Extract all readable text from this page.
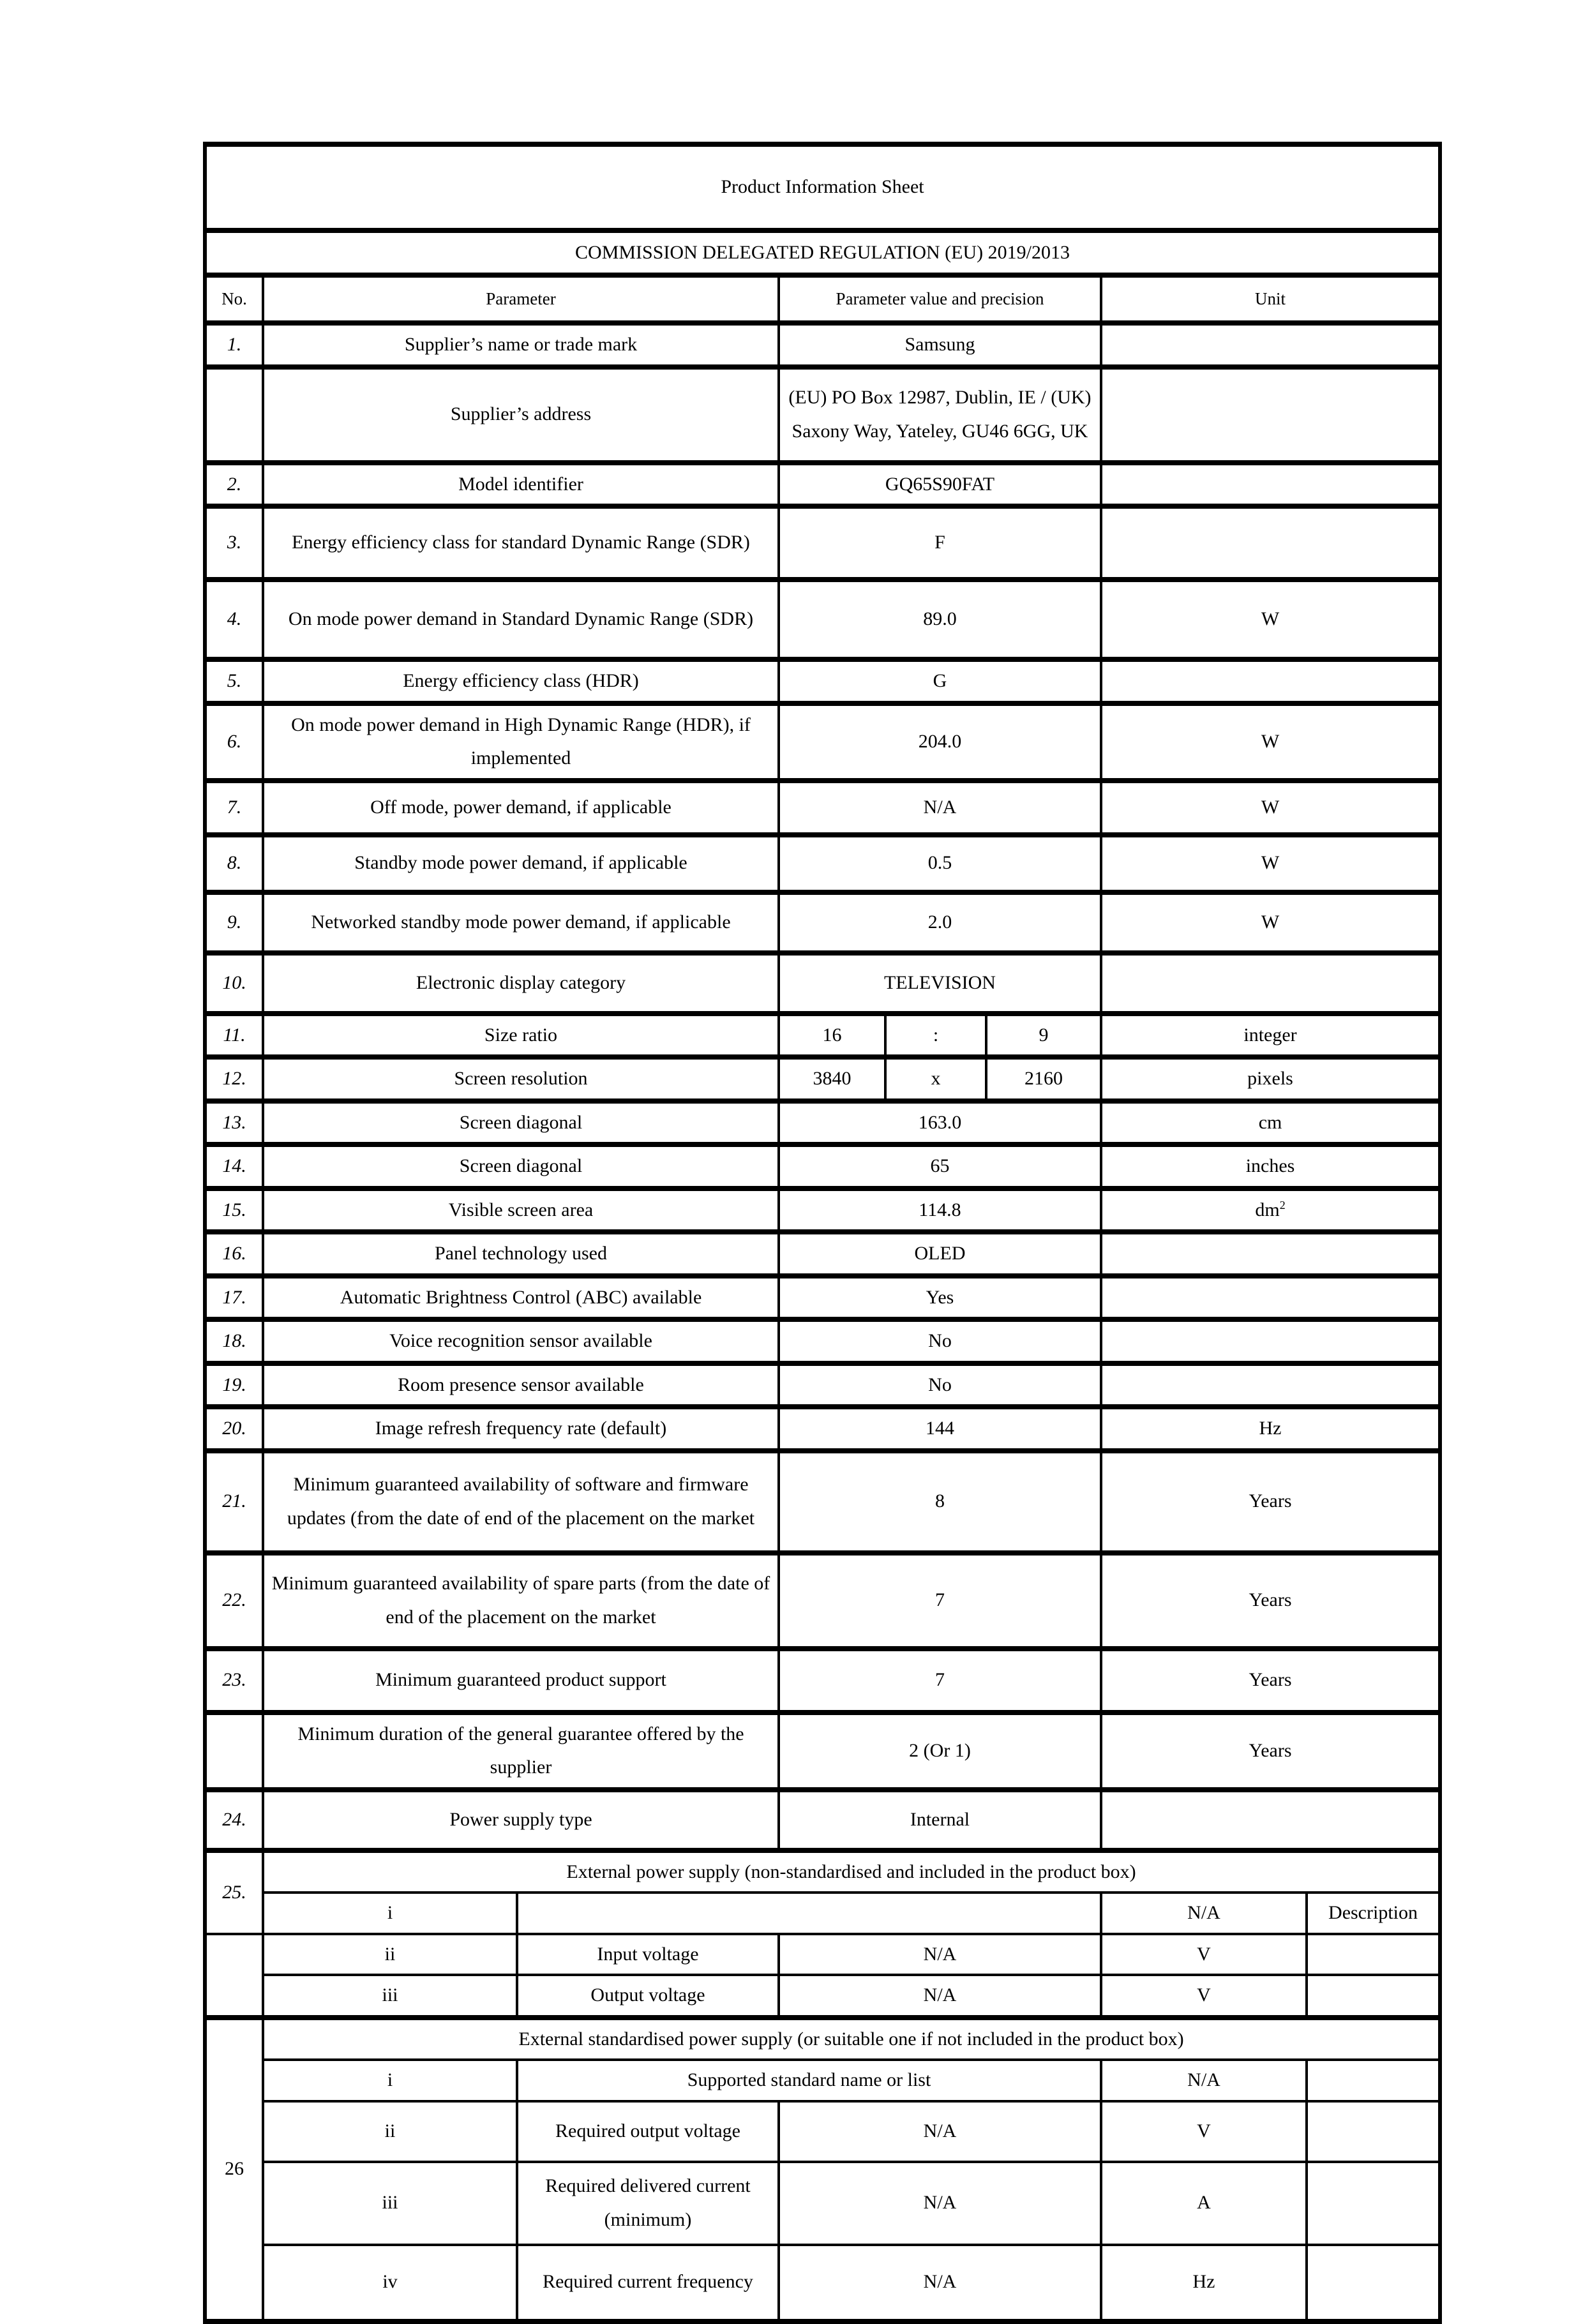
Product Information Sheet							
COMMISSION DELEGATED REGULATION (EU) 2019/2013							
No.	Parameter		Parameter value and precision			Unit	
1.	Supplier’s name or trade mark		Samsung				
	Supplier’s address		(EU) PO Box 12987, Dublin, IE / (UK) Saxony Way, Yateley, GU46 6GG, UK				
2.	Model identifier		GQ65S90FAT				
3.	Energy efficiency class for standard Dynamic Range (SDR)		F				
4.	On mode power demand in Standard Dynamic Range (SDR)		89.0			W	
5.	Energy efficiency class (HDR)		G				
6.	On mode power demand in High Dynamic Range (HDR), if implemented		204.0			W	
7.	Off mode, power demand, if applicable		N/A			W	
8.	Standby mode power demand, if applicable		0.5			W	
9.	Networked standby mode power demand, if applicable		2.0			W	
10.	Electronic display category		TELEVISION				
11.	Size ratio		16	:	9	integer	
12.	Screen resolution		3840	x	2160	pixels	
13.	Screen diagonal		163.0			cm	
14.	Screen diagonal		65			inches	
15.	Visible screen area		114.8			$dm^2$
16.	Panel technology used		OLED				
17.	Automatic Brightness Control (ABC) available		Yes				
18.	Voice recognition sensor available		No				
19.	Room presence sensor available		No				
20.	Image refresh frequency rate (default)		144			Hz	
21.	Minimum guaranteed availability of software and firmware updates (from the date of end of the placement on the market		8			Years	
22.	Minimum guaranteed availability of spare parts (from the date of end of the placement on the market		7			Years	
23.	Minimum guaranteed product support		7			Years	
	Minimum duration of the general guarantee offered by the supplier		2 (Or 1)			Years	
24.	Power supply type		Internal				
25.	External power supply (non-standardised and included in the product box)						
	i					N/A	Description
	ii	Input voltage	N/A			V	
	iii	Output voltage	N/A			V	
26	External standardised power supply (or suitable one if not included in the product box)						
	i	Supported standard name or list				N/A	
	ii	Required output voltage	N/A			V	
	iii	Required delivered current (minimum)	N/A			A	
	iv	Required current frequency	N/A			Hz	
